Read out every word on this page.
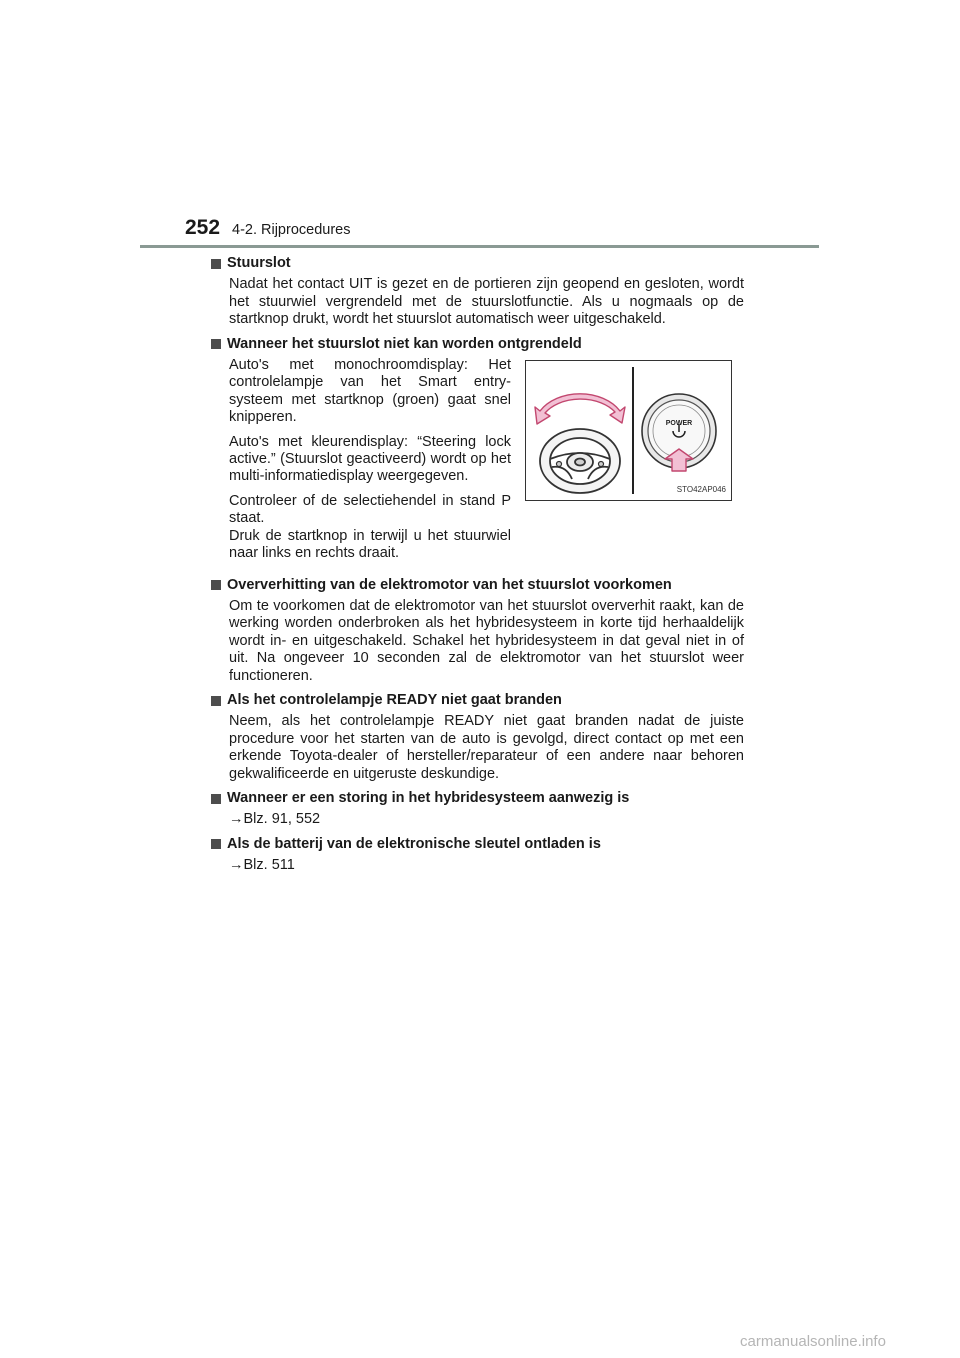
252 4-2. Rijprocedures
Stuurslot
Nadat het contact UIT is gezet en de portieren zijn geopend en gesloten, wordt het stuurwiel vergrendeld met de stuurslotfunctie. Als u nogmaals op de startknop drukt, wordt het stuurslot automatisch weer uitgeschakeld.
Wanneer het stuurslot niet kan worden ontgrendeld

Auto's met monochroomdisplay: Het controlelampje van het Smart entry-systeem met startknop (groen) gaat snel knipperen.

Auto's met kleurendisplay: “Steering lock active.” (Stuurslot geactiveerd) wordt op het multi-informatiedisplay weergegeven.

Controleer of de selectiehendel in stand P staat.

Druk de startknop in terwijl u het stuurwiel naar links en rechts draait.

POWER
STO42AP046
Oververhitting van de elektromotor van het stuurslot voorkomen
Om te voorkomen dat de elektromotor van het stuurslot oververhit raakt, kan de werking worden onderbroken als het hybridesysteem in korte tijd herhaaldelijk wordt in- en uitgeschakeld. Schakel het hybridesysteem in dat geval niet in of uit. Na ongeveer 10 seconden zal de elektromotor van het stuurslot weer functioneren.
Als het controlelampje READY niet gaat branden
Neem, als het controlelampje READY niet gaat branden nadat de juiste procedure voor het starten van de auto is gevolgd, direct contact op met een erkende Toyota-dealer of hersteller/reparateur of een andere naar behoren gekwalificeerde en uitgeruste deskundige.
Wanneer er een storing in het hybridesysteem aanwezig is
→Blz. 91, 552
Als de batterij van de elektronische sleutel ontladen is
→Blz. 511
carmanualsonline.info
